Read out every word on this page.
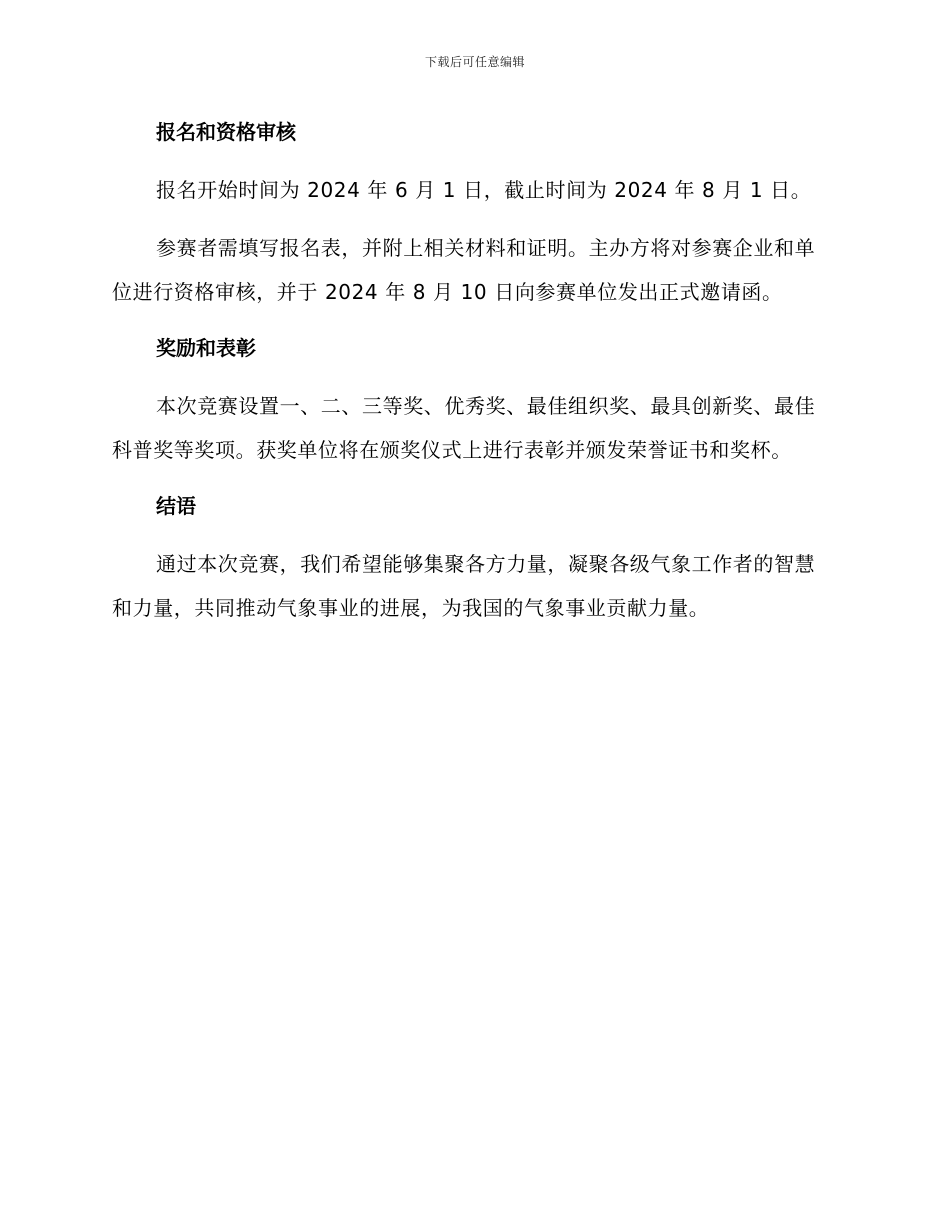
下载后可任意编辑
报名和资格审核

报名开始时间为 2024 年 6 月 1 日，截止时间为 2024 年 8 月 1 日。

参赛者需填写报名表，并附上相关材料和证明。主办方将对参赛企业和单位进行资格审核，并于 2024 年 8 月 10 日向参赛单位发出正式邀请函。

奖励和表彰

本次竞赛设置一、二、三等奖、优秀奖、最佳组织奖、最具创新奖、最佳科普奖等奖项。获奖单位将在颁奖仪式上进行表彰并颁发荣誉证书和奖杯。

结语

通过本次竞赛，我们希望能够集聚各方力量，凝聚各级气象工作者的智慧和力量，共同推动气象事业的进展，为我国的气象事业贡献力量。
